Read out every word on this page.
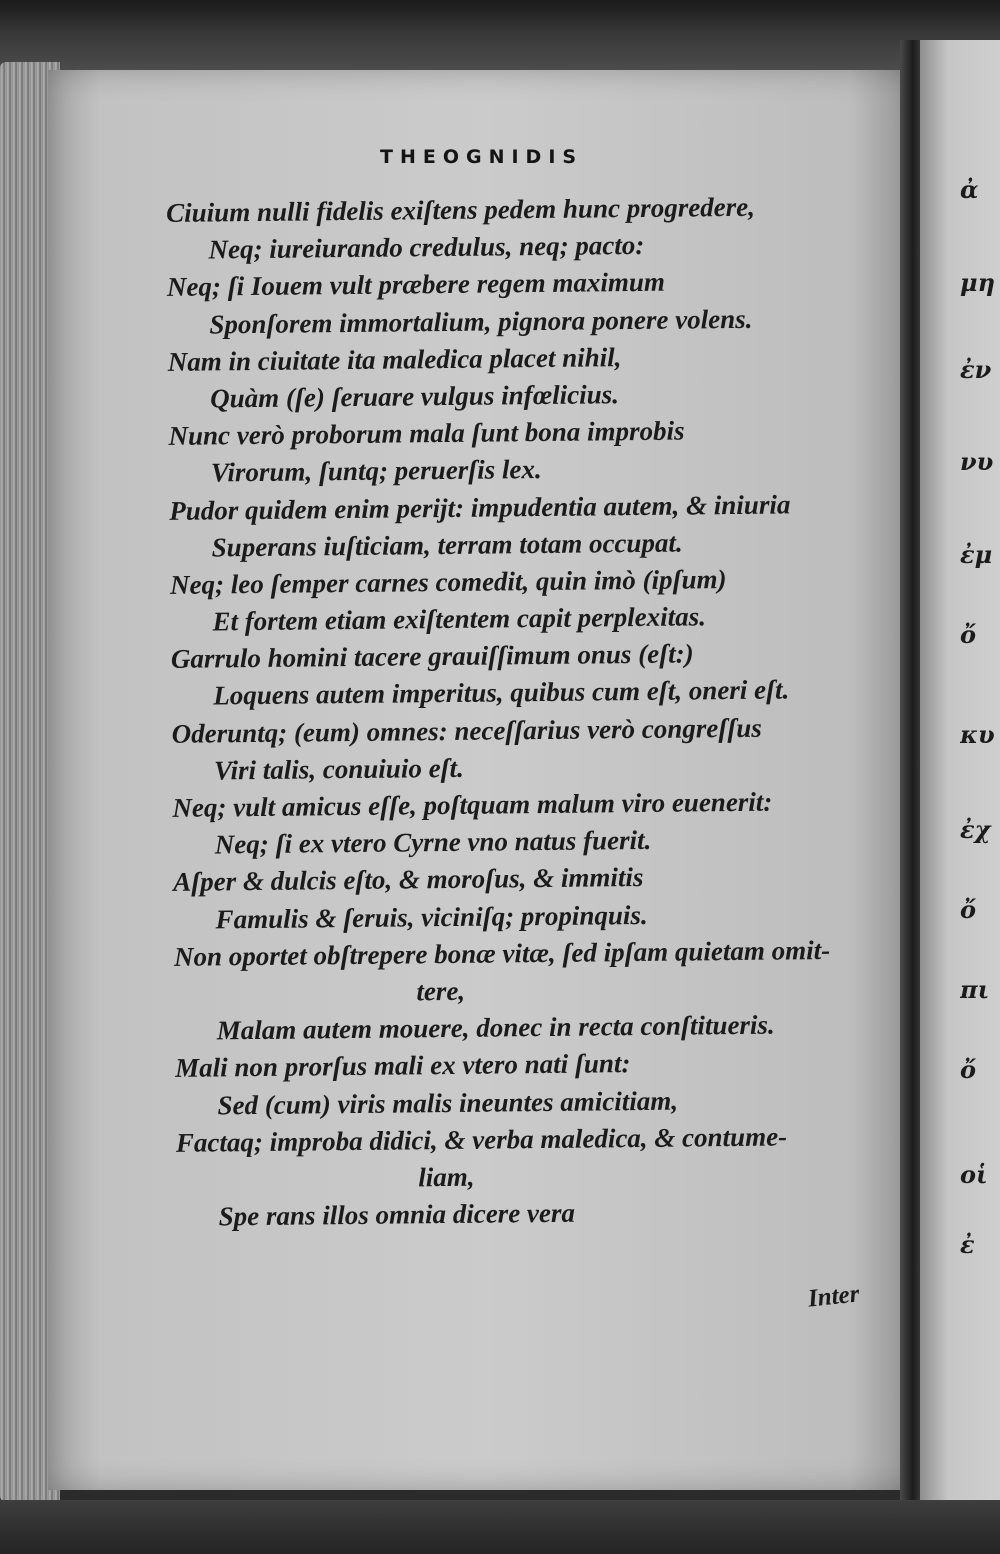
THEOGNIDIS
Ciuium nulli fidelis exiſtens pedem hunc progredere,
Neq; iureiurando credulus, neq; pacto:
Neq; ſi Iouem vult præbere regem maximum
Sponſorem immortalium, pignora ponere volens.
Nam in ciuitate ita maledica placet nihil,
Quàm (ſe) ſeruare vulgus infœlicius.
Nunc verò proborum mala ſunt bona improbis
Virorum, ſuntq; peruerſis lex.
Pudor quidem enim perijt: impudentia autem, & iniuria
Superans iuſticiam, terram totam occupat.
Neq; leo ſemper carnes comedit, quin imò (ipſum)
Et fortem etiam exiſtentem capit perplexitas.
Garrulo homini tacere grauiſſimum onus (eſt:)
Loquens autem imperitus, quibus cum eſt, oneri eſt.
Oderuntq; (eum) omnes: neceſſarius verò congreſſus
Viri talis, conuiuio eſt.
Neq; vult amicus eſſe, poſtquam malum viro euenerit:
Neq; ſi ex vtero Cyrne vno natus fuerit.
Aſper & dulcis eſto, & moroſus, & immitis
Famulis & ſeruis, viciniſq; propinquis.
Non oportet obſtrepere bonæ vitæ, ſed ipſam quietam omit-
tere,
Malam autem mouere, donec in recta conſtitueris.
Mali non prorſus mali ex vtero nati ſunt:
Sed (cum) viris malis ineuntes amicitiam,
Factaq; improba didici, & verba maledica, & contume-
liam,
Spe rans illos omnia dicere vera
Inter
ἀ
μη
ἐν
νυ
ἐμ
ὄ
κυ
ἐχ
ὄ
πι
ὄ
οἱ
ἐ
